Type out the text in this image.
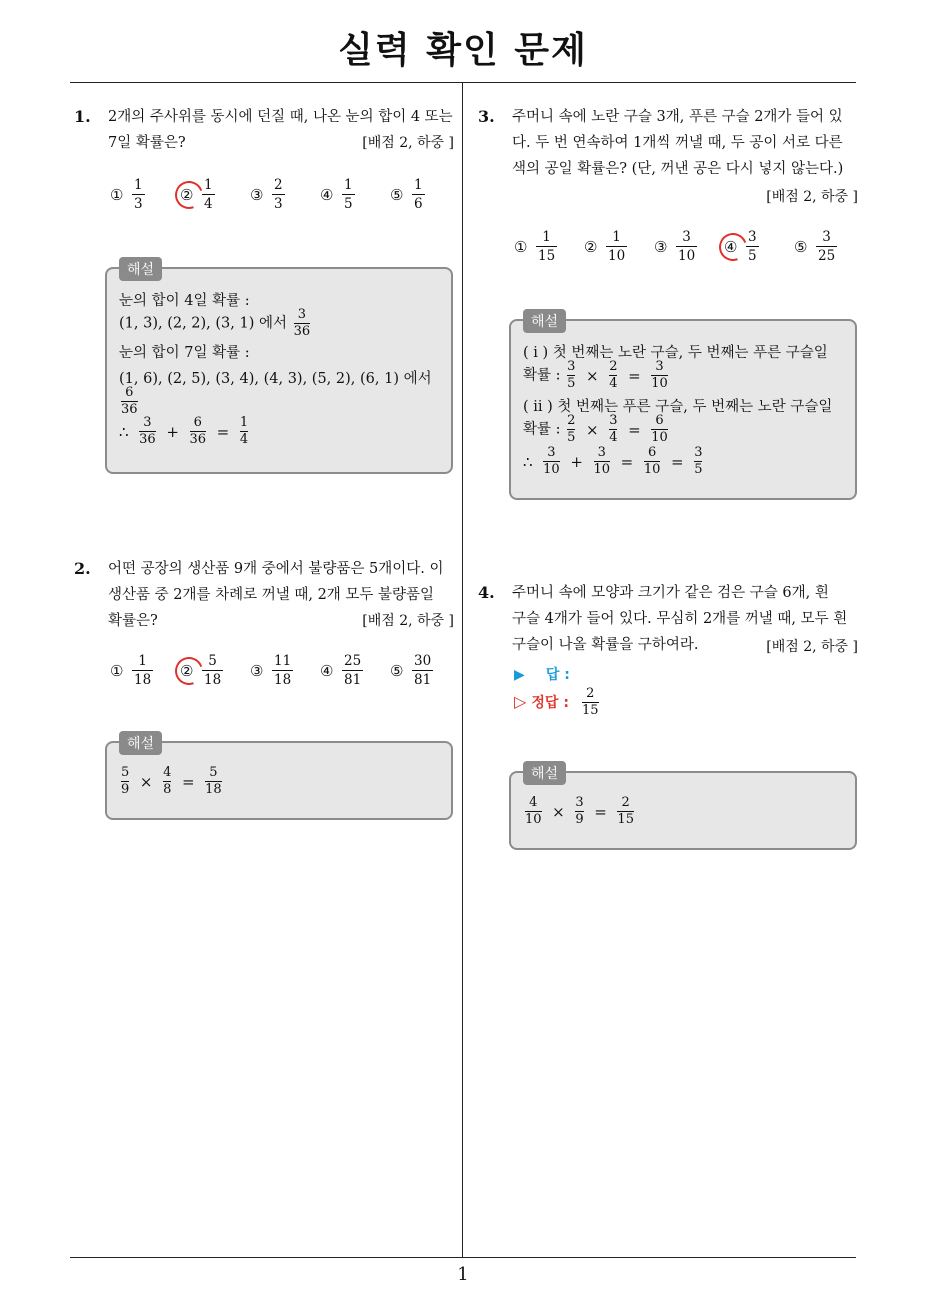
실력 확인 문제
1
1. 2개의 주사위를 동시에 던질 때, 나온 눈의 합이 4 또는
7일 확률은?	[배점 2, 하중 ]
①
1
3 ②
1
4 ③
2
3 ④
1
5 ⑤
1
6
해설
눈의 합이 4일 확률 :
(1, 3), (2, 2), (3, 1) 에서 $\frac{3}{36}$
눈의 합이 7일 확률 :
(1, 6), (2, 5), (3, 4), (4, 3), (5, 2), (6, 1) 에서
$\frac{6}{36}$
∴ $\frac{3}{36} + \frac{6}{36} = \frac{1}{4}$
2. 어떤 공장의 생산품 9개 중에서 불량품은 5개이다. 이
생산품 중 2개를 차례로 꺼낼 때, 2개 모두 불량품일
확률은?	[배점 2, 하중 ]
①
1
18 ②
5
18 ③
11
18 ④
25
81 ⑤
30
81
해설
$\frac{5}{9} \times \frac{4}{8} = \frac{5}{18}$
3. 주머니 속에 노란 구슬 3개, 푸른 구슬 2개가 들어 있
다. 두 번 연속하여 1개씩 꺼낼 때, 두 공이 서로 다른
색의 공일 확률은? (단, 꺼낸 공은 다시 넣지 않는다.)
[배점 2, 하중 ]
①
1
15 ②
1
10 ③
3
10 ④
3
5 ⑤
3
25
해설
( i ) 첫 번째는 노란 구슬, 두 번째는 푸른 구슬일
확률 : $\frac{3}{5} \times \frac{2}{4} = \frac{3}{10}$
( ii ) 첫 번째는 푸른 구슬, 두 번째는 노란 구슬일
확률 : $\frac{2}{5} \times \frac{3}{4} = \frac{6}{10}$
∴ $\frac{3}{10} + \frac{3}{10} = \frac{6}{10} = \frac{3}{5}$
4. 주머니 속에 모양과 크기가 같은 검은 구슬 6개, 흰
구슬 4개가 들어 있다. 무심히 2개를 꺼낼 때, 모두 흰
구슬이 나올 확률을 구하여라.	[배점 2, 하중 ]
▶ 답 :
▷ 정답 : $\frac{2}{15}$
해설
$\frac{4}{10} \times \frac{3}{9} = \frac{2}{15}$
